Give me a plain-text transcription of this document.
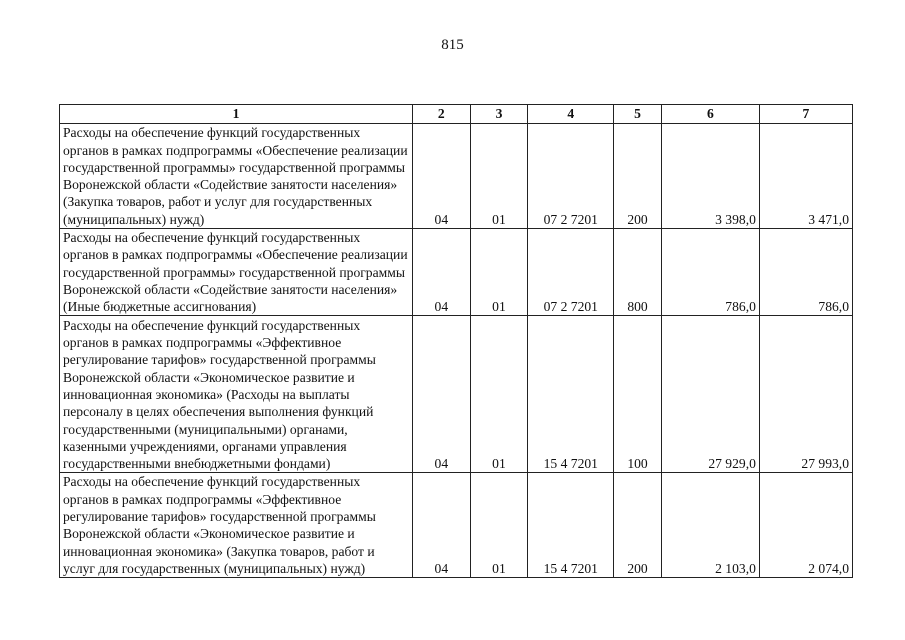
815
1	2	3	4	5	6	7
Расходы на обеспечение функций государственных органов в рамках подпрограммы «Обеспечение реализации государственной программы» государственной программы Воронежской области «Содействие занятости населения» (Закупка товаров, работ и услуг для государственных (муниципальных) нужд)	04	01	07 2 7201	200	3 398,0	3 471,0
Расходы на обеспечение функций государственных органов в рамках подпрограммы «Обеспечение реализации государственной программы» государственной программы Воронежской области «Содействие занятости населения» (Иные бюджетные ассигнования)	04	01	07 2 7201	800	786,0	786,0
Расходы на обеспечение функций государственных органов в рамках подпрограммы «Эффективное регулирование тарифов» государственной программы Воронежской области «Экономическое развитие и инновационная экономика» (Расходы на выплаты персоналу в целях обеспечения выполнения функций государственными (муниципальными) органами, казенными учреждениями, органами управления государственными внебюджетными фондами)	04	01	15 4 7201	100	27 929,0	27 993,0
Расходы на обеспечение функций государственных органов в рамках подпрограммы «Эффективное регулирование тарифов» государственной программы Воронежской области «Экономическое развитие и инновационная экономика» (Закупка товаров, работ и услуг для государственных (муниципальных) нужд)	04	01	15 4 7201	200	2 103,0	2 074,0
